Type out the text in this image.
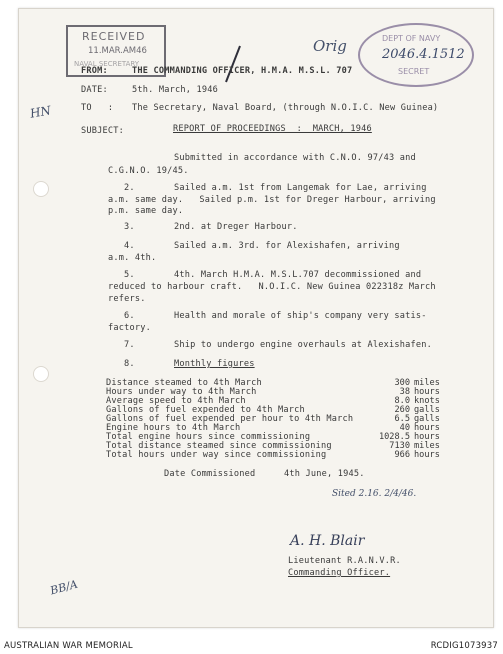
RECEIVED
11.MAR.AM46
NAVAL SECRETARY
Orig	DEPT OF NAVY
SECRET
2046.4.1512
HN
BB/A
FROM:	THE COMMANDING OFFICER, H.M.A. M.S.L. 707
DATE:	5th. March, 1946
TO   : The Secretary, Naval Board, (through N.O.I.C. New Guinea)
SUBJECT:	REPORT OF PROCEEDINGS  :  MARCH, 1946
Submitted in accordance with C.N.O. 97/43 and
C.G.N.O. 19/45.
2.	Sailed a.m. 1st from Langemak for Lae, arriving
a.m. same day.   Sailed p.m. 1st for Dreger Harbour, arriving
p.m. same day.
3.	2nd. at Dreger Harbour.
4.	Sailed a.m. 3rd. for Alexishafen, arriving
a.m. 4th.
5.	4th. March H.M.A. M.S.L.707 decommissioned and
reduced to harbour craft.   N.O.I.C. New Guinea 022318z March
refers.
6.	Health and morale of ship's company very satis-
factory.
7.	Ship to undergo engine overhauls at Alexishafen.
8.	Monthly figures
Distance steamed to 4th March	300 miles
Hours under way to 4th March	38 hours
Average speed to 4th March	8.0 knots
Gallons of fuel expended to 4th March	260 galls
Gallons of fuel expended per hour to 4th March	6.5 galls
Engine hours to 4th March	40 hours
Total engine hours since commissioning	1028.5 hours
Total distance steamed since commissioning	7130 miles
Total hours under way since commissioning	966 hours
Date Commissioned	4th June, 1945.
Sited 2.16. 2/4/46.
A. H. Blair
Lieutenant R.A.N.V.R.
Commanding Officer.
AUSTRALIAN WAR MEMORIAL	RCDIG1073937
